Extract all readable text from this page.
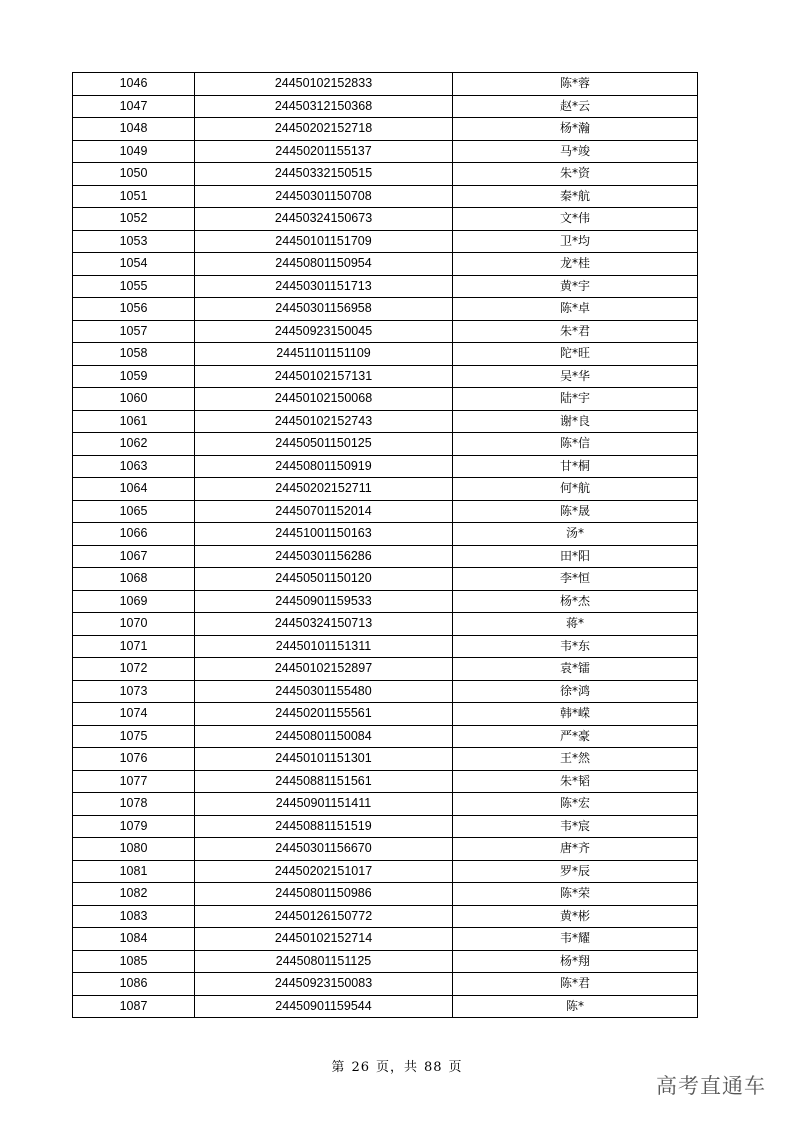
1046	24450102152833	陈*蓉
1047	24450312150368	赵*云
1048	24450202152718	杨*瀚
1049	24450201155137	马*竣
1050	24450332150515	朱*资
1051	24450301150708	秦*航
1052	24450324150673	文*伟
1053	24450101151709	卫*均
1054	24450801150954	龙*桂
1055	24450301151713	黄*宇
1056	24450301156958	陈*卓
1057	24450923150045	朱*君
1058	24451101151109	陀*旺
1059	24450102157131	吴*华
1060	24450102150068	陆*宇
1061	24450102152743	谢*良
1062	24450501150125	陈*信
1063	24450801150919	甘*桐
1064	24450202152711	何*航
1065	24450701152014	陈*晟
1066	24451001150163	汤*
1067	24450301156286	田*阳
1068	24450501150120	李*恒
1069	24450901159533	杨*杰
1070	24450324150713	蒋*
1071	24450101151311	韦*东
1072	24450102152897	袁*镭
1073	24450301155480	徐*鸿
1074	24450201155561	韩*嵘
1075	24450801150084	严*豪
1076	24450101151301	王*然
1077	24450881151561	朱*韬
1078	24450901151411	陈*宏
1079	24450881151519	韦*宸
1080	24450301156670	唐*齐
1081	24450202151017	罗*辰
1082	24450801150986	陈*荣
1083	24450126150772	黄*彬
1084	24450102152714	韦*耀
1085	24450801151125	杨*翔
1086	24450923150083	陈*君
1087	24450901159544	陈*
第 26 页，共 88 页
高考直通车
